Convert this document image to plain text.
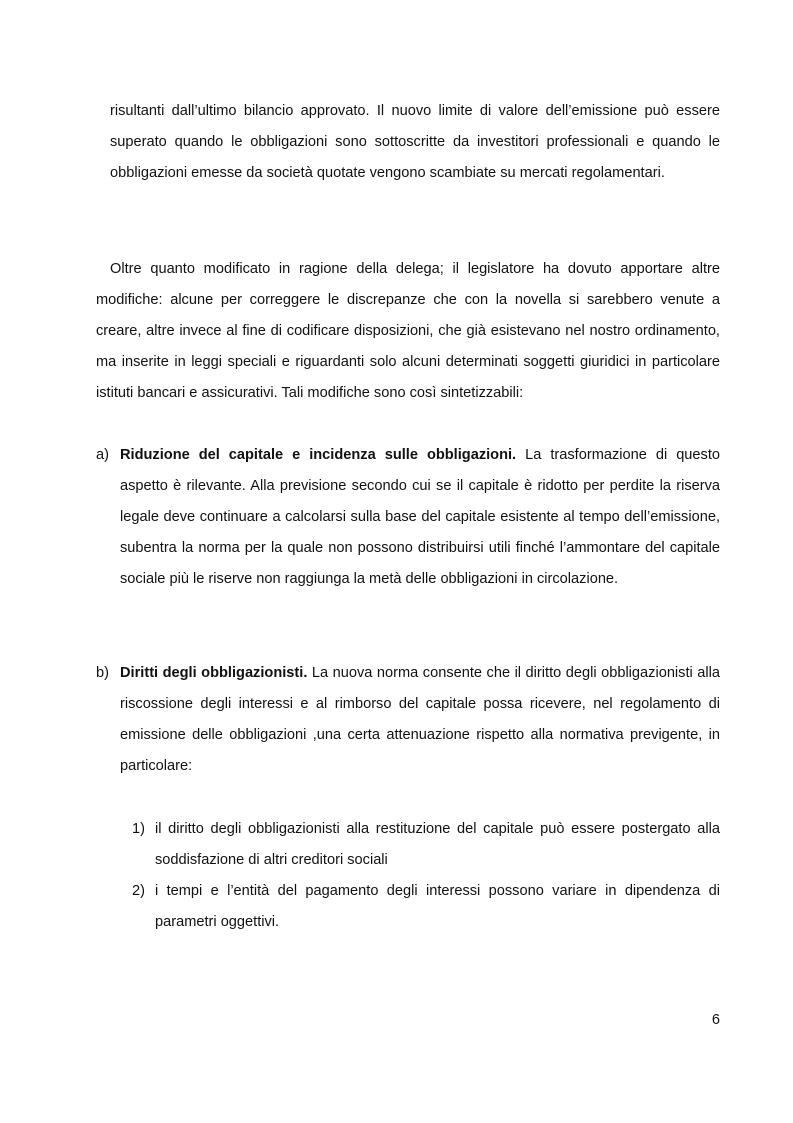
risultanti dall’ultimo bilancio approvato. Il nuovo limite di valore dell’emissione può essere superato quando le obbligazioni sono sottoscritte da investitori professionali e quando le obbligazioni emesse da società quotate vengono scambiate su mercati regolamentari.

Oltre quanto modificato in ragione della delega; il legislatore ha dovuto apportare altre modifiche: alcune per correggere le discrepanze che con la novella si sarebbero venute a creare, altre invece al fine di codificare disposizioni, che già esistevano nel nostro ordinamento, ma inserite in leggi speciali e riguardanti solo alcuni determinati soggetti giuridici in particolare istituti bancari e assicurativi. Tali modifiche sono così sintetizzabili:

a) Riduzione del capitale e incidenza sulle obbligazioni. La trasformazione di questo aspetto è rilevante. Alla previsione secondo cui se il capitale è ridotto per perdite la riserva legale deve continuare a calcolarsi sulla base del capitale esistente al tempo dell’emissione, subentra la norma per la quale non possono distribuirsi utili finché l’ammontare del capitale sociale più le riserve non raggiunga la metà delle obbligazioni in circolazione.
b) Diritti degli obbligazionisti. La nuova norma consente che il diritto degli obbligazionisti alla riscossione degli interessi e al rimborso del capitale possa ricevere, nel regolamento di emissione delle obbligazioni ,una certa attenuazione rispetto alla normativa previgente, in particolare:
1) il diritto degli obbligazionisti alla restituzione del capitale può essere postergato alla soddisfazione di altri creditori sociali
2) i tempi e l’entità del pagamento degli interessi possono variare in dipendenza di parametri oggettivi.
6
